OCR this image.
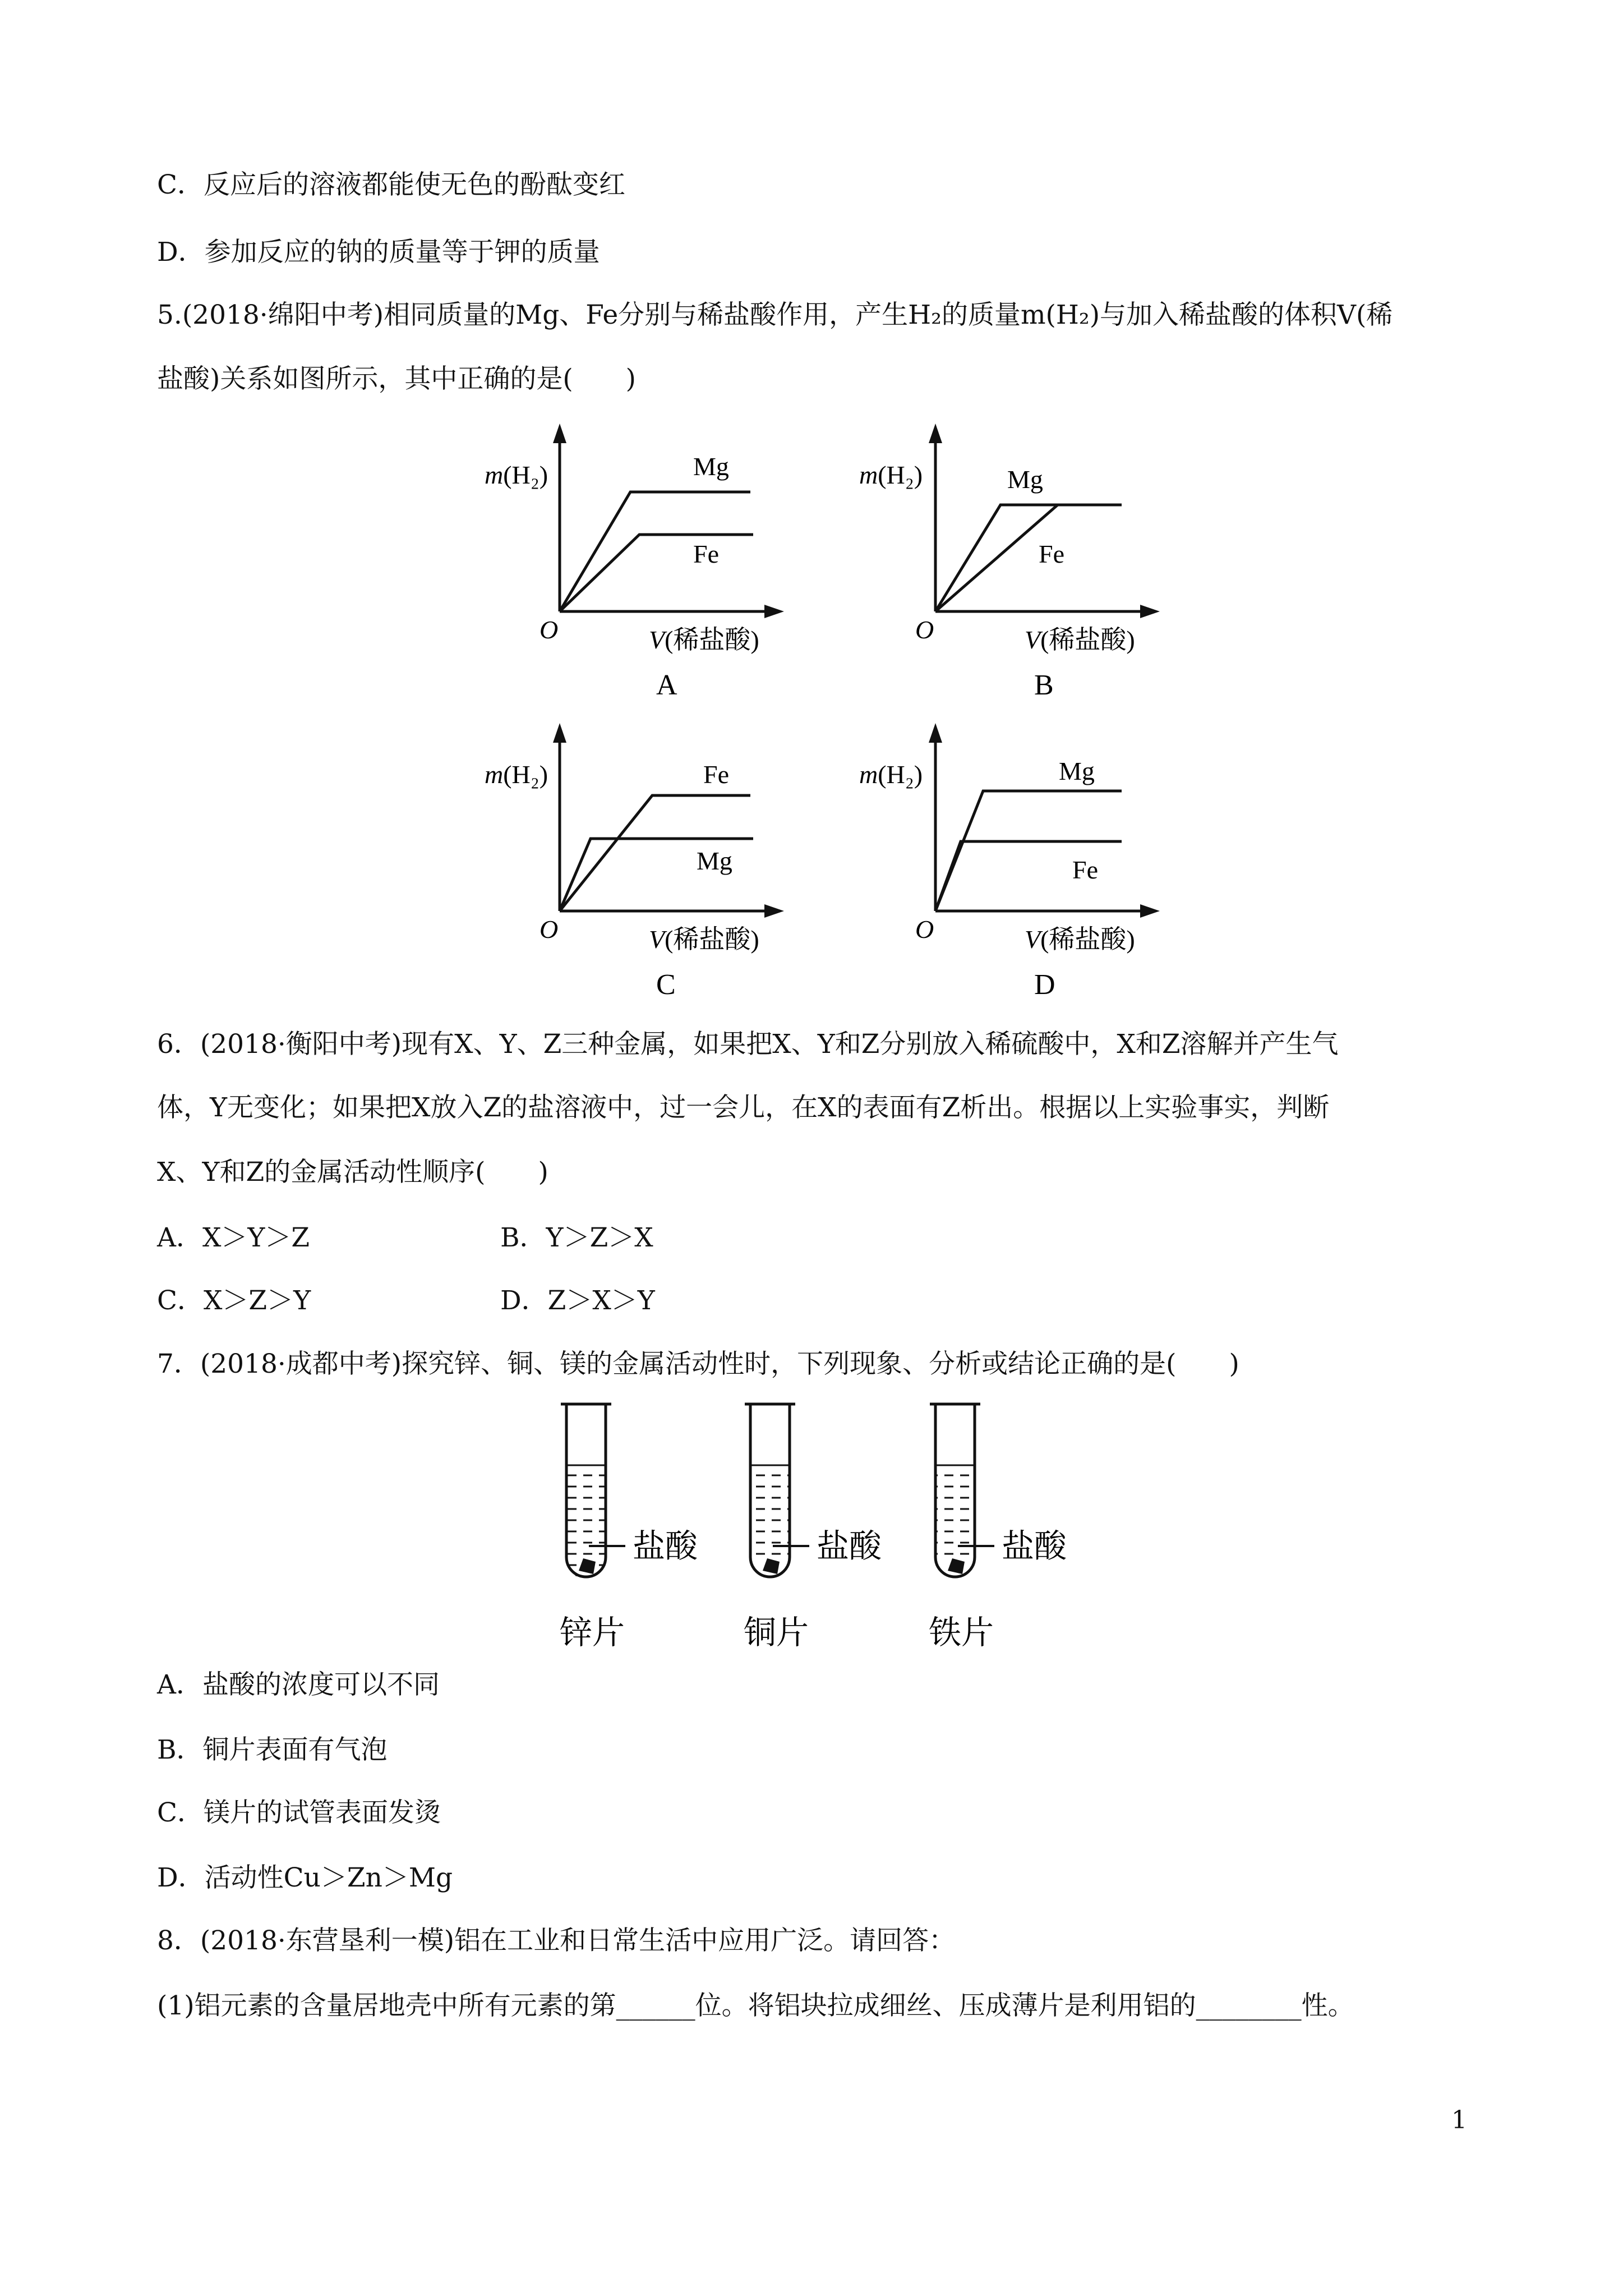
C．反应后的溶液都能使无色的酚酞变红
D．参加反应的钠的质量等于钾的质量
5.(2018·绵阳中考)相同质量的Mg、Fe分别与稀盐酸作用，产生H₂的质量m(H₂)与加入稀盐酸的体积V(稀
盐酸)关系如图所示，其中正确的是(　　)
m(H₂)	Mg
Fe
O	V(稀盐酸)
A
m(H₂)	Mg
Fe
O	V(稀盐酸)
B
m(H₂)	Fe
Mg
O	V(稀盐酸)
C
m(H₂)	Mg
Fe
O	V(稀盐酸)
D
6．(2018·衡阳中考)现有X、Y、Z三种金属，如果把X、Y和Z分别放入稀硫酸中，X和Z溶解并产生气
体，Y无变化；如果把X放入Z的盐溶液中，过一会儿，在X的表面有Z析出。根据以上实验事实，判断
X、Y和Z的金属活动性顺序(　　)
A．X＞Y＞Z	B．Y＞Z＞X
C．X＞Z＞Y	D．Z＞X＞Y
7．(2018·成都中考)探究锌、铜、镁的金属活动性时，下列现象、分析或结论正确的是(　　)
盐酸
锌片
盐酸
铜片
盐酸
铁片
A．盐酸的浓度可以不同
B．铜片表面有气泡
C．镁片的试管表面发烫
D．活动性Cu＞Zn＞Mg
8．(2018·东营垦利一模)铝在工业和日常生活中应用广泛。请回答：
(1)铝元素的含量居地壳中所有元素的第______位。将铝块拉成细丝、压成薄片是利用铝的________性。
1
